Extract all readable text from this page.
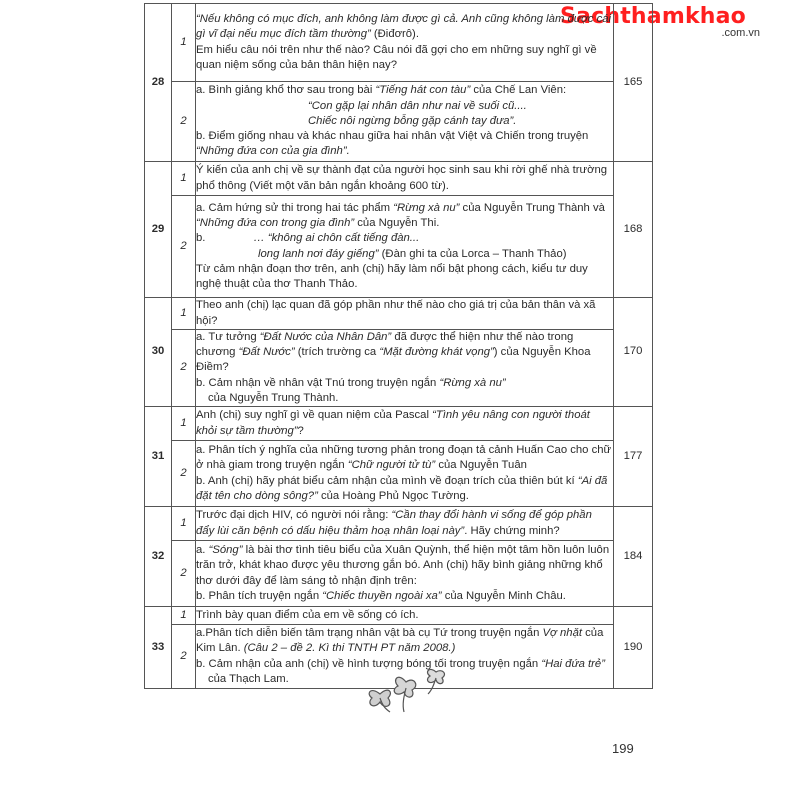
Sachthamkhao
.com.vn
28	1	“Nếu không có mục đích, anh không làm được gì cả. Anh cũng không làm được cái gì vĩ đại nếu mục đích tầm thường” (Điđơrô).
Em hiểu câu nói trên như thế nào? Câu nói đã gợi cho em những suy nghĩ gì về quan niệm sống của bản thân hiện nay?	165
	2	a. Bình giảng khổ thơ sau trong bài “Tiếng hát con tàu” của Chế Lan Viên:
“Con gặp lại nhân dân như nai về suối cũ....
Chiếc nôi ngừng bỗng gặp cánh tay đưa”.
b. Điểm giống nhau và khác nhau giữa hai nhân vật Việt và Chiến trong truyện “Những đứa con của gia đình”.	

29	1	Ý kiến của anh chị về sự thành đạt của người học sinh sau khi rời ghế nhà trường phổ thông (Viết một văn bản ngắn khoảng 600 từ).	168
	2	a. Cảm hứng sử thi trong hai tác phẩm “Rừng xà nu” của Nguyễn Trung Thành và “Những đứa con trong gia đình” của Nguyễn Thi.
b. … “không ai chôn cất tiếng đàn...
long lanh nơi đáy giếng” (Đàn ghi ta của Lorca – Thanh Thảo)
Từ cảm nhận đoạn thơ trên, anh (chị) hãy làm nổi bật phong cách, kiểu tư duy nghệ thuật của thơ Thanh Thảo.	

30	1	Theo anh (chị) lạc quan đã góp phần như thế nào cho giá trị của bản thân và xã hội?	170
	2	a. Tư tưởng “Đất Nước của Nhân Dân” đã được thể hiện như thế nào trong chương “Đất Nước” (trích trường ca “Mặt đường khát vọng”) của Nguyễn Khoa Điềm?
b. Cảm nhận về nhân vật Tnú trong truyện ngắn “Rừng xà nu”
của Nguyễn Trung Thành.	

31	1	Anh (chị) suy nghĩ gì về quan niệm của Pascal “Tình yêu nâng con người thoát khỏi sự tầm thường”?	177
	2	a. Phân tích ý nghĩa của những tương phản trong đoạn tả cảnh Huấn Cao cho chữ ở nhà giam trong truyện ngắn “Chữ người tử tù” của Nguyễn Tuân
b. Anh (chị) hãy phát biểu cảm nhận của mình về đoạn trích của thiên bút kí “Ai đã đặt tên cho dòng sông?” của Hoàng Phủ Ngọc Tường.	

32	1	Trước đại dịch HIV, có người nói rằng: “Cần thay đổi hành vi sống để góp phần đẩy lùi căn bệnh có dấu hiệu thảm hoạ nhân loại này”. Hãy chứng minh?	184
	2	a. “Sóng” là bài thơ tình tiêu biểu của Xuân Quỳnh, thể hiện một tâm hồn luôn luôn trăn trở, khát khao được yêu thương gắn bó. Anh (chị) hãy bình giảng những khổ thơ dưới đây để làm sáng tỏ nhận định trên:
b. Phân tích truyện ngắn “Chiếc thuyền ngoài xa” của Nguyễn Minh Châu.	

33	1	Trình bày quan điểm của em về sống có ích.	190
	2	a.Phân tích diễn biến tâm trạng nhân vật bà cụ Tứ trong truyện ngắn Vợ nhặt của Kim Lân. (Câu 2 – đề 2. Kì thi TNTH PT năm 2008.)
b. Cảm nhận của anh (chị) về hình tượng bóng tối trong truyện ngắn “Hai đứa trẻ”
của Thạch Lam.	
199
